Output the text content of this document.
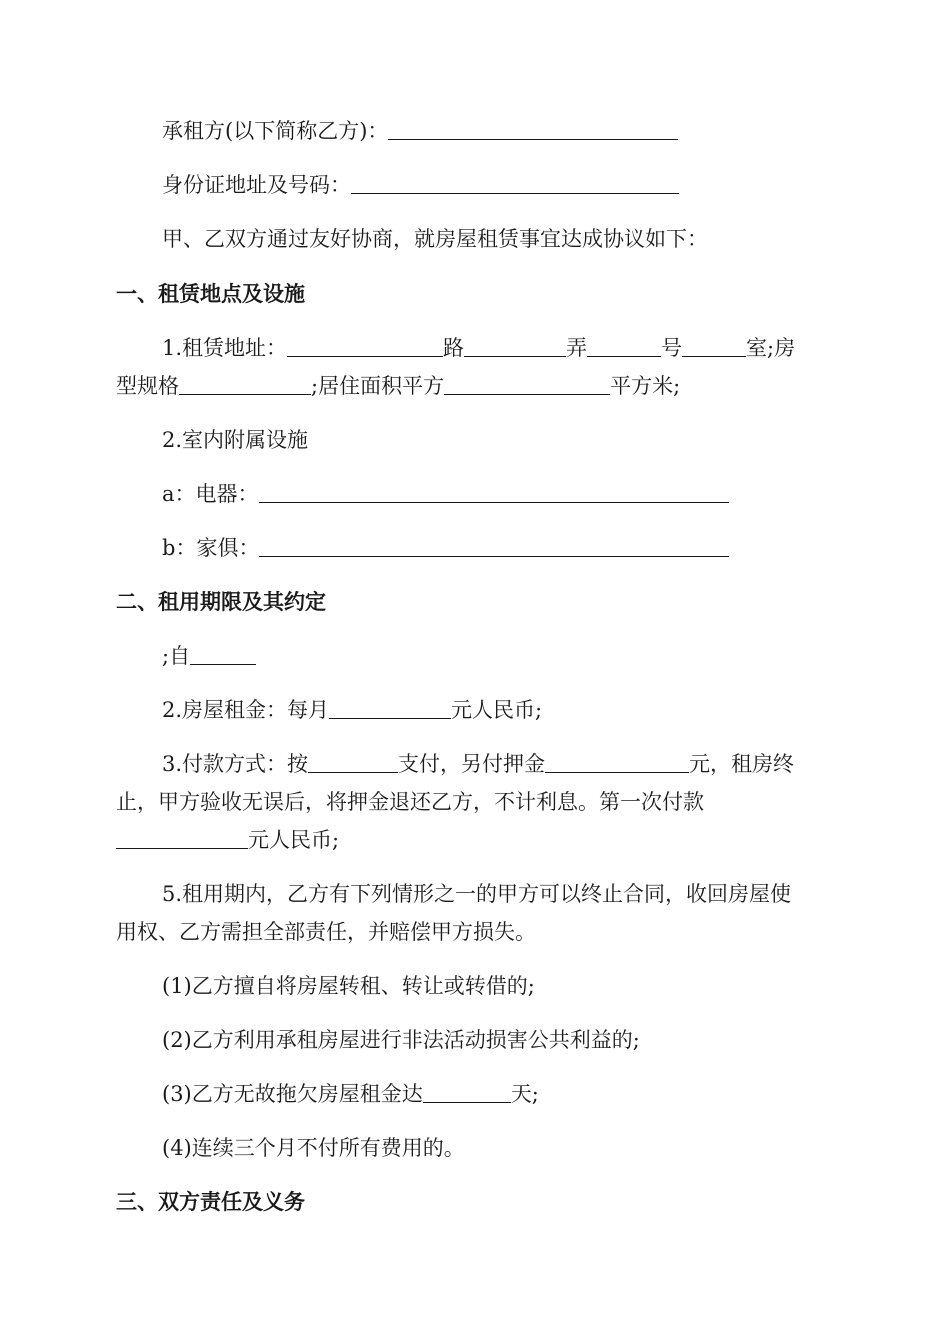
承租方(以下简称乙方)：
身份证地址及号码：
甲、乙双方通过友好协商，就房屋租赁事宜达成协议如下：
一、租赁地点及设施
1.租赁地址：	路	弄	号	室;房
型规格	;居住面积平方	平方米;
2.室内附属设施
a：电器：
b：家俱：
二、租用期限及其约定
;自
2.房屋租金：每月	元人民币;
3.付款方式：按	支付，另付押金	元，租房终
止，甲方验收无误后，将押金退还乙方，不计利息。第一次付款
元人民币;
5.租用期内，乙方有下列情形之一的甲方可以终止合同，收回房屋使
用权、乙方需担全部责任，并赔偿甲方损失。
(1)乙方擅自将房屋转租、转让或转借的;
(2)乙方利用承租房屋进行非法活动损害公共利益的;
(3)乙方无故拖欠房屋租金达	天;
(4)连续三个月不付所有费用的。
三、双方责任及义务
